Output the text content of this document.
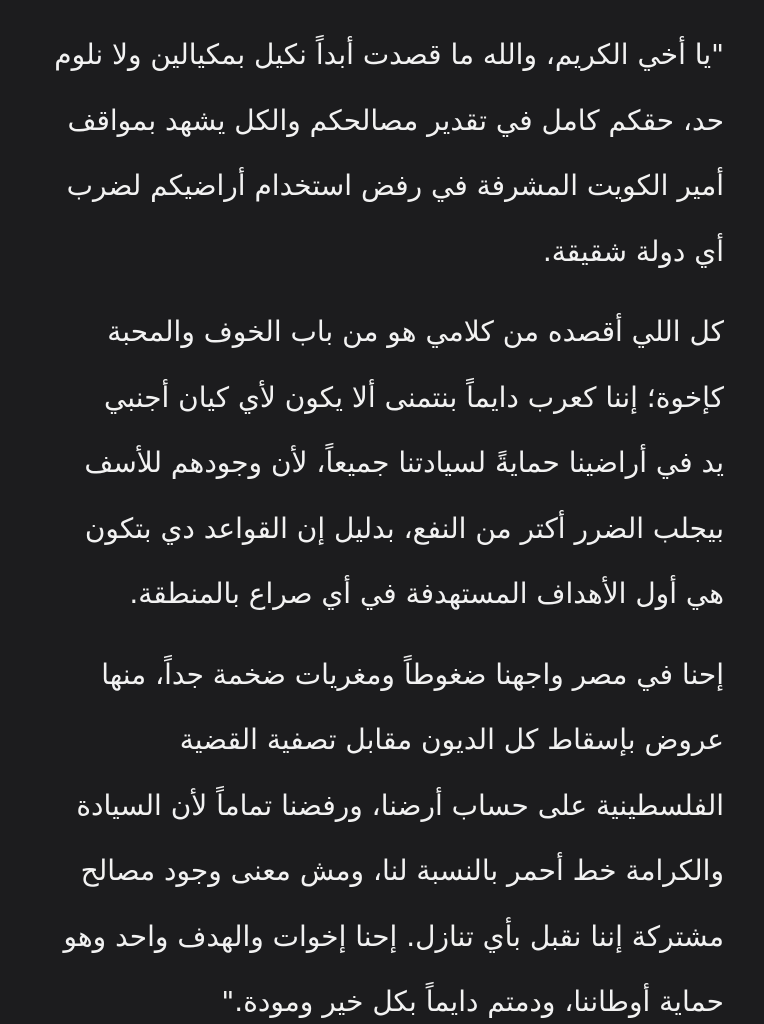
"يا أخي الكريم، والله ما قصدت أبداً نكيل بمكيالين ولا نلوم
حد، حقكم كامل في تقدير مصالحكم والكل يشهد بمواقف
أمير الكويت المشرفة في رفض استخدام أراضيكم لضرب
أي دولة شقيقة.

كل اللي أقصده من كلامي هو من باب الخوف والمحبة
كإخوة؛ إننا كعرب دايماً بنتمنى ألا يكون لأي كيان أجنبي
يد في أراضينا حمايةً لسيادتنا جميعاً، لأن وجودهم للأسف
بيجلب الضرر أكتر من النفع، بدليل إن القواعد دي بتكون
هي أول الأهداف المستهدفة في أي صراع بالمنطقة.

إحنا في مصر واجهنا ضغوطاً ومغريات ضخمة جداً، منها
عروض بإسقاط كل الديون مقابل تصفية القضية
الفلسطينية على حساب أرضنا، ورفضنا تماماً لأن السيادة
والكرامة خط أحمر بالنسبة لنا، ومش معنى وجود مصالح
مشتركة إننا نقبل بأي تنازل. إحنا إخوات والهدف واحد وهو
حماية أوطاننا، ودمتم دايماً بكل خير ومودة."
